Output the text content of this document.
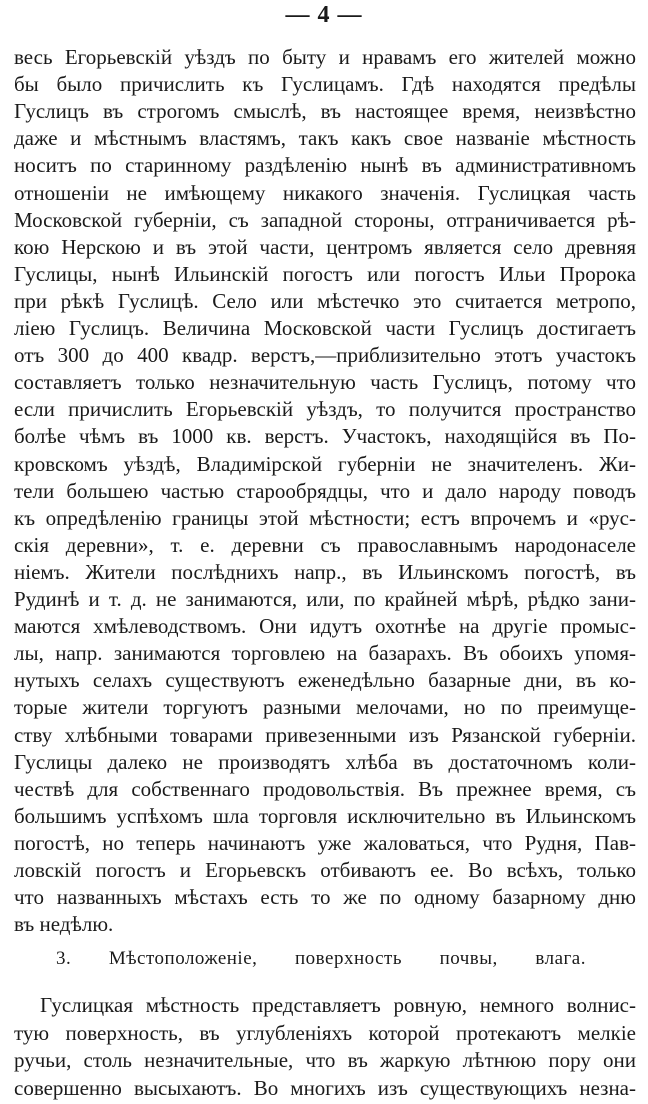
— 4 —
весь Егорьевскій уѣздъ по быту и нравамъ его жителей можно
бы было причислить къ Гуслицамъ. Гдѣ находятся предѣлы
Гуслицъ въ строгомъ смыслѣ, въ настоящее время, неизвѣстно
даже и мѣстнымъ властямъ, такъ какъ свое названіе мѣстность
носитъ по старинному раздѣленію нынѣ въ административномъ
отношеніи не имѣющему никакого значенія. Гуслицкая часть
Московской губерніи, съ западной стороны, отграничивается рѣ-
кою Нерскою и въ этой части, центромъ является село древняя
Гуслицы, нынѣ Ильинскій погостъ или погостъ Ильи Пророка
при рѣкѣ Гуслицѣ. Село или мѣстечко это считается метропо,
ліею Гуслицъ. Величина Московской части Гуслицъ достигаетъ
отъ 300 до 400 квадр. верстъ,—приблизительно этотъ участокъ
составляетъ только незначительную часть Гуслицъ, потому что
если причислить Егорьевскій уѣздъ, то получится пространство
болѣе чѣмъ въ 1000 кв. верстъ. Участокъ, находящійся въ По-
кровскомъ уѣздѣ, Владимірской губерніи не значителенъ. Жи-
тели большею частью старообрядцы, что и дало народу поводъ
къ опредѣленію границы этой мѣстности; естъ впрочемъ и «рус-
скія деревни», т. е. деревни съ православнымъ народонаселе
ніемъ. Жители послѣднихъ напр., въ Ильинскомъ погостѣ, въ
Рудинѣ и т. д. не занимаются, или, по крайней мѣрѣ, рѣдко зани-
маются хмѣлеводствомъ. Они идутъ охотнѣе на другіе промыс-
лы, напр. занимаются торговлею на базарахъ. Въ обоихъ упомя-
нутыхъ селахъ существуютъ еженедѣльно базарные дни, въ ко-
торые жители торгуютъ разными мелочами, но по преимуще-
ству хлѣбными товарами привезенными изъ Рязанской губерніи.
Гуслицы далеко не производятъ хлѣба въ достаточномъ коли-
чествѣ для собственнаго продовольствія. Въ прежнее время, съ
большимъ успѣхомъ шла торговля исключительно въ Ильинскомъ
погостѣ, но теперь начинаютъ уже жаловаться, что Рудня, Пав-
ловскій погостъ и Егорьевскъ отбиваютъ ее. Во всѣхъ, только
что названныхъ мѣстахъ есть то же по одному базарному дню
въ недѣлю.
3. Мѣстоположеніе, поверхность почвы, влага.
Гуслицкая мѣстность представляетъ ровную, немного волнис-
тую поверхность, въ углубленіяхъ которой протекаютъ мелкіе
ручьи, столь незначительные, что въ жаркую лѣтнюю пору они
совершенно высыхаютъ. Во многихъ изъ существующихъ незна-
